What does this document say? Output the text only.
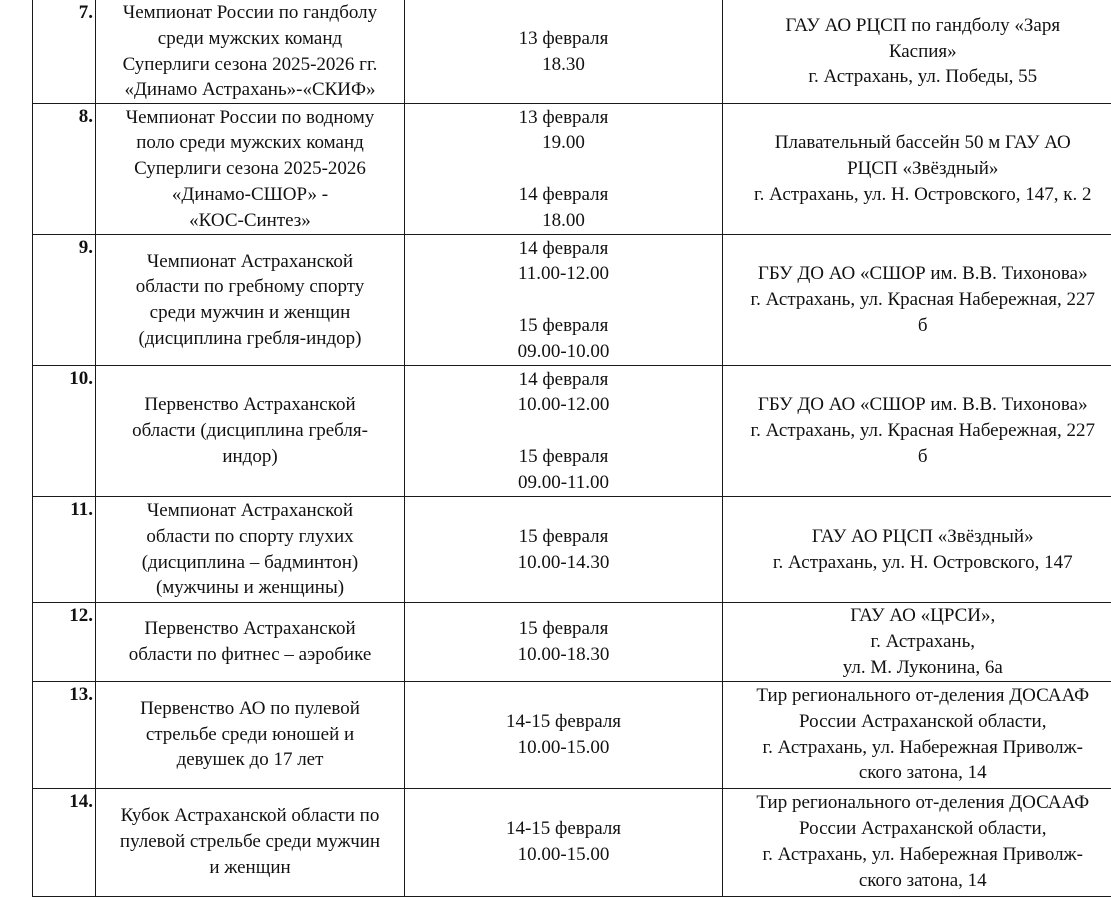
7.	Чемпионат России по гандболу
среди мужских команд
Суперлиги сезона 2025-2026 гг.
«Динамо Астрахань»-«СКИФ»	13 февраля
18.30	ГАУ АО РЦСП по гандболу «Заря
Каспия»
г. Астрахань, ул. Победы, 55

8.	Чемпионат России по водному
поло среди мужских команд
Суперлиги сезона 2025-2026
«Динамо-СШОР» -
«КОС-Синтез»	13 февраля
19.00
14 февраля
18.00	Плавательный бассейн 50 м ГАУ АО
РЦСП «Звёздный»
г. Астрахань, ул. Н. Островского, 147, к. 2

9.	Чемпионат Астраханской
области по гребному спорту
среди мужчин и женщин
(дисциплина гребля-индор)	14 февраля
11.00-12.00
15 февраля
09.00-10.00	ГБУ ДО АО «СШОР им. В.В. Тихонова»
г. Астрахань, ул. Красная Набережная, 227
б

10.	Первенство Астраханской
области (дисциплина гребля-
индор)	14 февраля
10.00-12.00
15 февраля
09.00-11.00	ГБУ ДО АО «СШОР им. В.В. Тихонова»
г. Астрахань, ул. Красная Набережная, 227
б

11.	Чемпионат Астраханской
области по спорту глухих
(дисциплина – бадминтон)
(мужчины и женщины)	15 февраля
10.00-14.30	ГАУ АО РЦСП «Звёздный»
г. Астрахань, ул. Н. Островского, 147

12.	Первенство Астраханской
области по фитнес – аэробике	15 февраля
10.00-18.30	ГАУ АО «ЦРСИ»,
г. Астрахань,
ул. М. Луконина, 6а

13.	Первенство АО по пулевой
стрельбе среди юношей и
девушек до 17 лет	14-15 февраля
10.00-15.00	Тир регионального от-деления ДОСААФ
России Астраханской области,
г. Астрахань, ул. Набережная Приволж-
ского затона, 14

14.	Кубок Астраханской области по
пулевой стрельбе среди мужчин
и женщин	14-15 февраля
10.00-15.00	Тир регионального от-деления ДОСААФ
России Астраханской области,
г. Астрахань, ул. Набережная Приволж-
ского затона, 14
